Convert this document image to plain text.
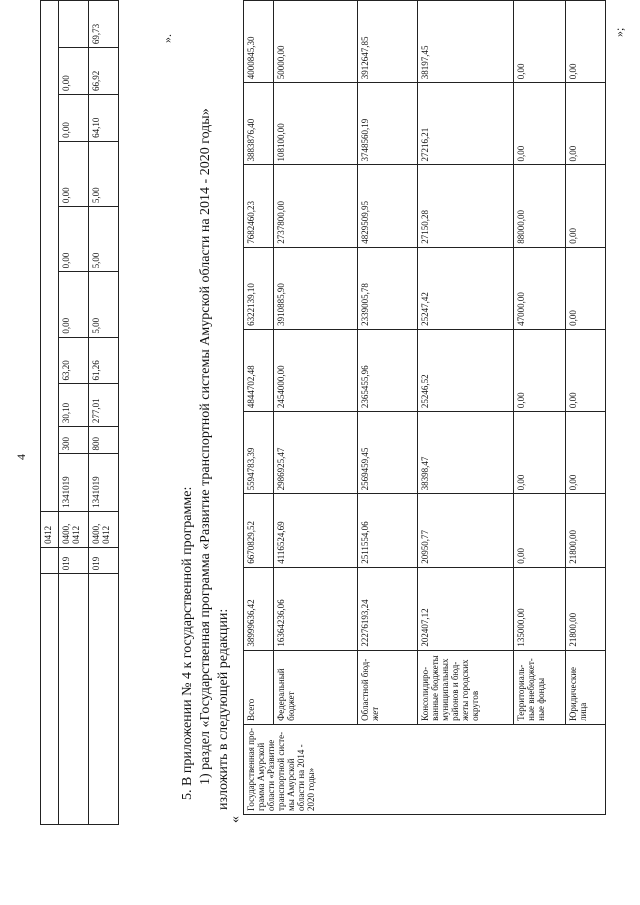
4
		0412										
	019	0400,
0412	1341019	300	30,10	63,20	0,00	0,00	0,00	0,00	0,00	
	019	0400,
0412	1341019	800	277,01	61,26	5,00	5,00	5,00	64,10	66,92	69,73	».
5. В приложении № 4 к государственной программе: 1) раздел «Государственная программа «Развитие транспортной системы Амурской области на 2014 - 2020 годы» изложить в следующей редакции:
«
Государственная про-грамма Амурской области «Развитие транспортной систе-мы Амурской области на 2014 - 2020 годы»	Всего	38999636,42	6670829,52	5594783,39	4844702,48	6322139,10	7682460,23	3883876,40	4000845,30
	Федеральный бюджет	16364236,06	4116524,69	2986925,47	2454000,00	3910885,90	2737800,00	108100,00	50000,00
	Областной бюд-жет	22276193,24	2511554,06	2569459,45	2365455,96	2339005,78	4829509,95	3748560,19	3912647,85
	Консолидиро-ванные бюджеты муниципальных районов и бюд-жеты городских округов	202407,12	20950,77	38398,47	25246,52	25247,42	27150,28	27216,21	38197,45
	Территориаль-ные внебюджет-ные фонды	135000,00	0,00	0,00	0,00	47000,00	88000,00	0,00	0,00
	Юридические лица	21800,00	21800,00	0,00	0,00	0,00	0,00	0,00	0,00
»;
